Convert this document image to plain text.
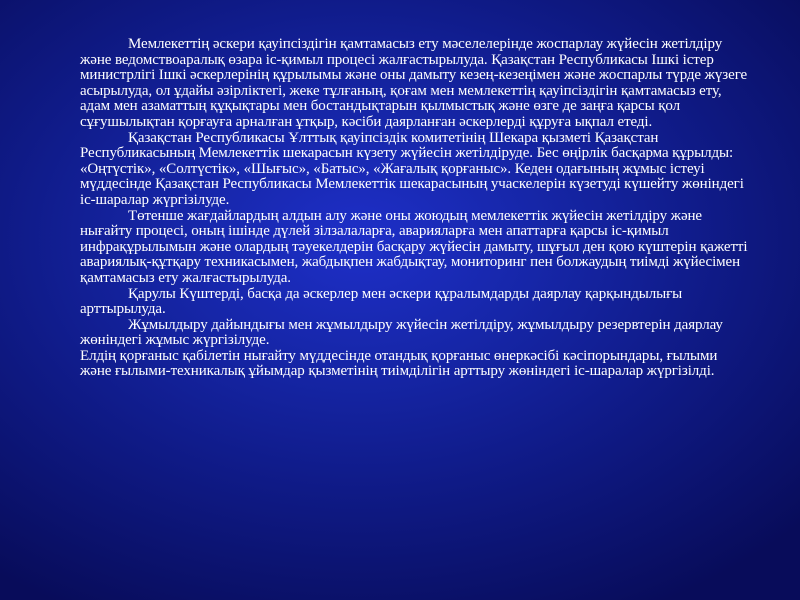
Мемлекеттің әскери қауіпсіздігін қамтамасыз ету мәселелерінде жоспарлау жүйесін жетілдіру және ведомствоаралық өзара іс-қимыл процесі жалғастырылуда. Қазақстан Республикасы Ішкі істер министрлігі Ішкі әскерлерінің құрылымы және оны дамыту кезең-кезеңімен және жоспарлы түрде жүзеге асырылуда, ол ұдайы әзірліктегі, жеке тұлғаның, қоғам мен мемлекеттің қауіпсіздігін қамтамасыз ету, адам мен азаматтың құқықтары мен бостандықтарын қылмыстық және өзге де заңға қарсы қол сұғушылықтан қорғауға арналған ұтқыр, кәсіби даярланған әскерлерді құруға ықпал етеді.

Қазақстан Республикасы Ұлттық қауіпсіздік комитетінің Шекара қызметі Қазақстан Республикасының Мемлекеттік шекарасын күзету жүйесін жетілдіруде. Бес өңірлік басқарма құрылды: «Оңтүстік», «Солтүстік», «Шығыс», «Батыс», «Жағалық қорғаныс». Кеден одағының жұмыс істеуі мүддесінде Қазақстан Республикасы Мемлекеттік шекарасының учаскелерін күзетуді күшейту жөніндегі іс-шаралар жүргізілуде.

Төтенше жағдайлардың алдын алу және оны жоюдың мемлекеттік жүйесін жетілдіру және нығайту процесі, оның ішінде дүлей зілзалаларға, аварияларға мен апаттарға қарсы іс-қимыл инфрақұрылымын және олардың тәуекелдерін басқару жүйесін дамыту, шұғыл ден қою күштерін қажетті авариялық-құтқару техникасымен, жабдықпен жабдықтау, мониторинг пен болжаудың тиімді жүйесімен қамтамасыз ету жалғастырылуда.

Қарулы Күштерді, басқа да әскерлер мен әскери құралымдарды даярлау қарқындылығы арттырылуда.

Жұмылдыру дайындығы мен жұмылдыру жүйесін жетілдіру, жұмылдыру резервтерін даярлау жөніндегі жұмыс жүргізілуде.

Елдің қорғаныс қабілетін нығайту мүддесінде отандық қорғаныс өнеркәсібі кәсіпорындары, ғылыми және ғылыми-техникалық ұйымдар қызметінің тиімділігін арттыру жөніндегі іс-шаралар жүргізілді.
